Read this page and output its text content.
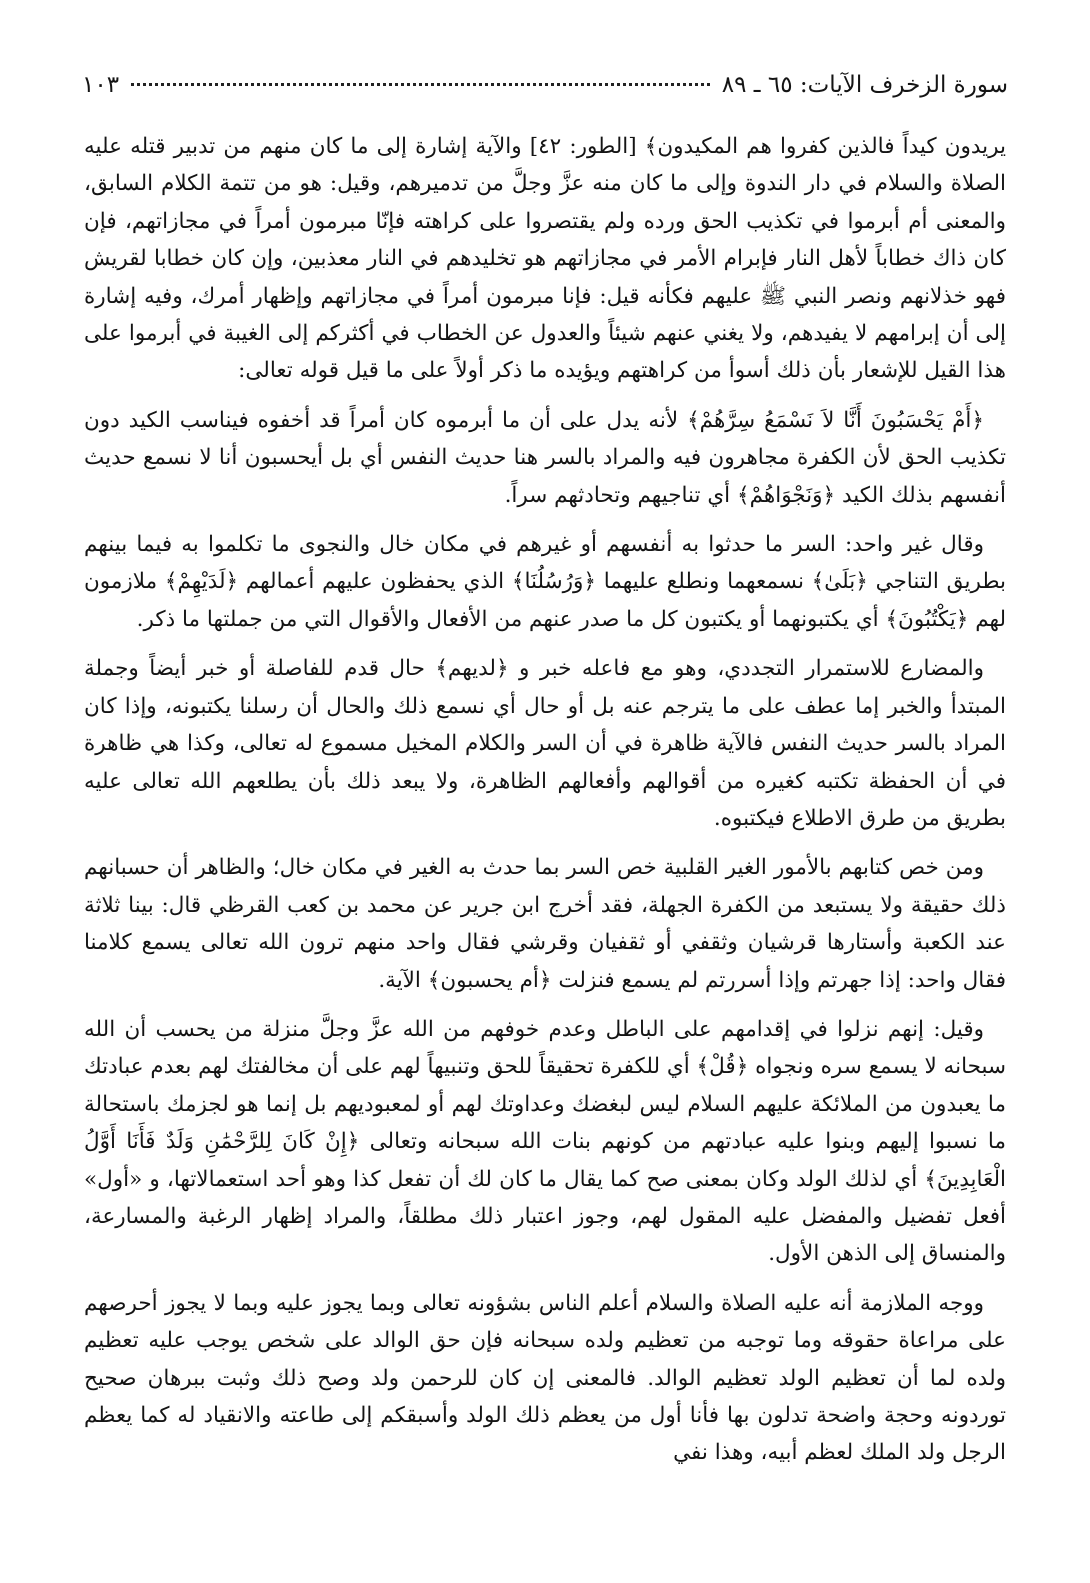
سورة الزخرف الآيات: ٦٥ ـ ٨٩
١٠٣

يريدون كيداً فالذين كفروا هم المكيدون﴾ [الطور: ٤٢] والآية إشارة إلى ما كان منهم من تدبير قتله عليه الصلاة والسلام في دار الندوة وإلى ما كان منه عزَّ وجلَّ من تدميرهم، وقيل: هو من تتمة الكلام السابق، والمعنى أم أبرموا في تكذيب الحق ورده ولم يقتصروا على كراهته فإنّا مبرمون أمراً في مجازاتهم، فإن كان ذاك خطاباً لأهل النار فإبرام الأمر في مجازاتهم هو تخليدهم في النار معذبين، وإن كان خطابا لقريش فهو خذلانهم ونصر النبي ﷺ عليهم فكأنه قيل: فإنا مبرمون أمراً في مجازاتهم وإظهار أمرك، وفيه إشارة إلى أن إبرامهم لا يفيدهم، ولا يغني عنهم شيئاً والعدول عن الخطاب في أكثركم إلى الغيبة في أبرموا على هذا القيل للإشعار بأن ذلك أسوأ من كراهتهم ويؤيده ما ذكر أولاً على ما قيل قوله تعالى:

﴿أَمْ يَحْسَبُونَ أَنَّا لاَ نَسْمَعُ سِرَّهُمْ﴾ لأنه يدل على أن ما أبرموه كان أمراً قد أخفوه فيناسب الكيد دون تكذيب الحق لأن الكفرة مجاهرون فيه والمراد بالسر هنا حديث النفس أي بل أيحسبون أنا لا نسمع حديث أنفسهم بذلك الكيد ﴿وَنَجْوَاهُمْ﴾ أي تناجيهم وتحادثهم سراً.

وقال غير واحد: السر ما حدثوا به أنفسهم أو غيرهم في مكان خال والنجوى ما تكلموا به فيما بينهم بطريق التناجي ﴿بَلَىٰ﴾ نسمعهما ونطلع عليهما ﴿وَرُسُلُنَا﴾ الذي يحفظون عليهم أعمالهم ﴿لَدَيْهِمْ﴾ ملازمون لهم ﴿يَكْتُبُونَ﴾ أي يكتبونهما أو يكتبون كل ما صدر عنهم من الأفعال والأقوال التي من جملتها ما ذكر.

والمضارع للاستمرار التجددي، وهو مع فاعله خبر و ﴿لديهم﴾ حال قدم للفاصلة أو خبر أيضاً وجملة المبتدأ والخبر إما عطف على ما يترجم عنه بل أو حال أي نسمع ذلك والحال أن رسلنا يكتبونه، وإذا كان المراد بالسر حديث النفس فالآية ظاهرة في أن السر والكلام المخيل مسموع له تعالى، وكذا هي ظاهرة في أن الحفظة تكتبه كغيره من أقوالهم وأفعالهم الظاهرة، ولا يبعد ذلك بأن يطلعهم الله تعالى عليه بطريق من طرق الاطلاع فيكتبوه.

ومن خص كتابهم بالأمور الغير القلبية خص السر بما حدث به الغير في مكان خال؛ والظاهر أن حسبانهم ذلك حقيقة ولا يستبعد من الكفرة الجهلة، فقد أخرج ابن جرير عن محمد بن كعب القرظي قال: بينا ثلاثة عند الكعبة وأستارها قرشيان وثقفي أو ثقفيان وقرشي فقال واحد منهم ترون الله تعالى يسمع كلامنا فقال واحد: إذا جهرتم وإذا أسررتم لم يسمع فنزلت ﴿أم يحسبون﴾ الآية.

وقيل: إنهم نزلوا في إقدامهم على الباطل وعدم خوفهم من الله عزَّ وجلَّ منزلة من يحسب أن الله سبحانه لا يسمع سره ونجواه ﴿قُلْ﴾ أي للكفرة تحقيقاً للحق وتنبيهاً لهم على أن مخالفتك لهم بعدم عبادتك ما يعبدون من الملائكة عليهم السلام ليس لبغضك وعداوتك لهم أو لمعبوديهم بل إنما هو لجزمك باستحالة ما نسبوا إليهم وبنوا عليه عبادتهم من كونهم بنات الله سبحانه وتعالى ﴿إِنْ كَانَ لِلرَّحْمَٰنِ وَلَدٌ فَأَنَا أَوَّلُ الْعَابِدِينَ﴾ أي لذلك الولد وكان بمعنى صح كما يقال ما كان لك أن تفعل كذا وهو أحد استعمالاتها، و «أول» أفعل تفضيل والمفضل عليه المقول لهم، وجوز اعتبار ذلك مطلقاً، والمراد إظهار الرغبة والمسارعة، والمنساق إلى الذهن الأول.

ووجه الملازمة أنه عليه الصلاة والسلام أعلم الناس بشؤونه تعالى وبما يجوز عليه وبما لا يجوز أحرصهم على مراعاة حقوقه وما توجبه من تعظيم ولده سبحانه فإن حق الوالد على شخص يوجب عليه تعظيم ولده لما أن تعظيم الولد تعظيم الوالد. فالمعنى إن كان للرحمن ولد وصح ذلك وثبت ببرهان صحيح توردونه وحجة واضحة تدلون بها فأنا أول من يعظم ذلك الولد وأسبقكم إلى طاعته والانقياد له كما يعظم الرجل ولد الملك لعظم أبيه، وهذا نفي
